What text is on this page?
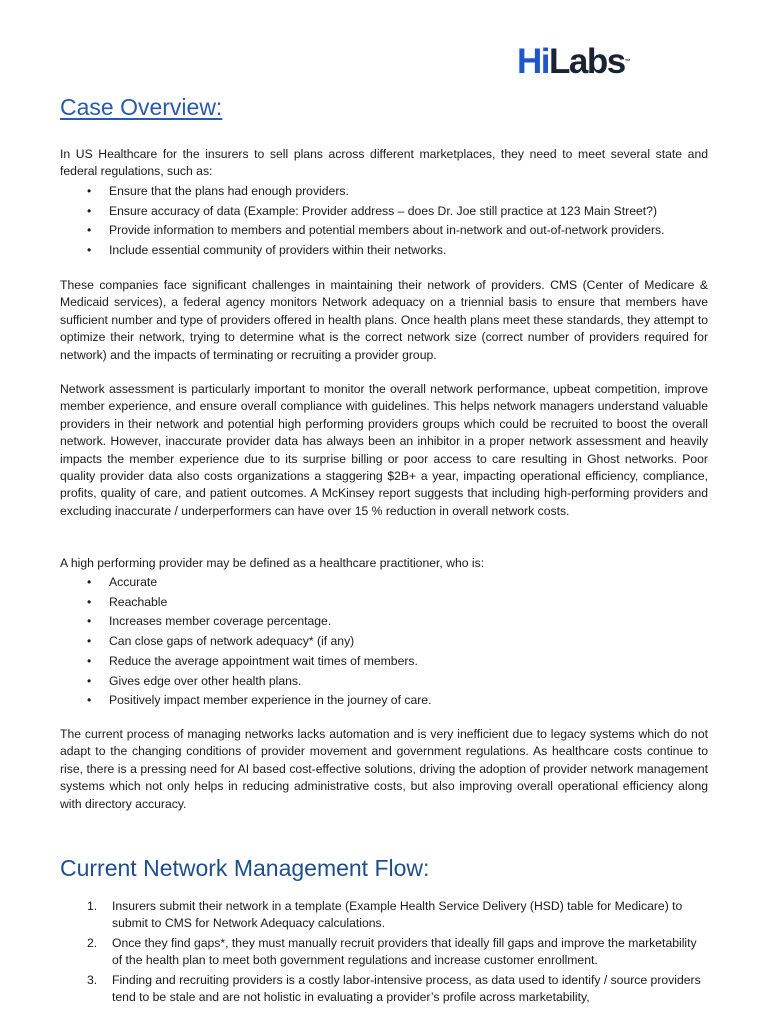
HiLabs™
Case Overview:

In US Healthcare for the insurers to sell plans across different marketplaces, they need to meet several state and federal regulations, such as:

• Ensure that the plans had enough providers.
• Ensure accuracy of data (Example: Provider address – does Dr. Joe still practice at 123 Main Street?)
• Provide information to members and potential members about in-network and out-of-network providers.
• Include essential community of providers within their networks.

These companies face significant challenges in maintaining their network of providers. CMS (Center of Medicare & Medicaid services), a federal agency monitors Network adequacy on a triennial basis to ensure that members have sufficient number and type of providers offered in health plans. Once health plans meet these standards, they attempt to optimize their network, trying to determine what is the correct network size (correct number of providers required for network) and the impacts of terminating or recruiting a provider group.

Network assessment is particularly important to monitor the overall network performance, upbeat competition, improve member experience, and ensure overall compliance with guidelines. This helps network managers understand valuable providers in their network and potential high performing providers groups which could be recruited to boost the overall network. However, inaccurate provider data has always been an inhibitor in a proper network assessment and heavily impacts the member experience due to its surprise billing or poor access to care resulting in Ghost networks. Poor quality provider data also costs organizations a staggering $2B+ a year, impacting operational efficiency, compliance, profits, quality of care, and patient outcomes. A McKinsey report suggests that including high-performing providers and excluding inaccurate / underperformers can have over 15 % reduction in overall network costs.

A high performing provider may be defined as a healthcare practitioner, who is:

• Accurate
• Reachable
• Increases member coverage percentage.
• Can close gaps of network adequacy* (if any)
• Reduce the average appointment wait times of members.
• Gives edge over other health plans.
• Positively impact member experience in the journey of care.

The current process of managing networks lacks automation and is very inefficient due to legacy systems which do not adapt to the changing conditions of provider movement and government regulations. As healthcare costs continue to rise, there is a pressing need for AI based cost-effective solutions, driving the adoption of provider network management systems which not only helps in reducing administrative costs, but also improving overall operational efficiency along with directory accuracy.

Current Network Management Flow:
1. Insurers submit their network in a template (Example Health Service Delivery (HSD) table for Medicare) to submit to CMS for Network Adequacy calculations.
2. Once they find gaps*, they must manually recruit providers that ideally fill gaps and improve the marketability of the health plan to meet both government regulations and increase customer enrollment.
3. Finding and recruiting providers is a costly labor-intensive process, as data used to identify / source providers tend to be stale and are not holistic in evaluating a provider’s profile across marketability,
